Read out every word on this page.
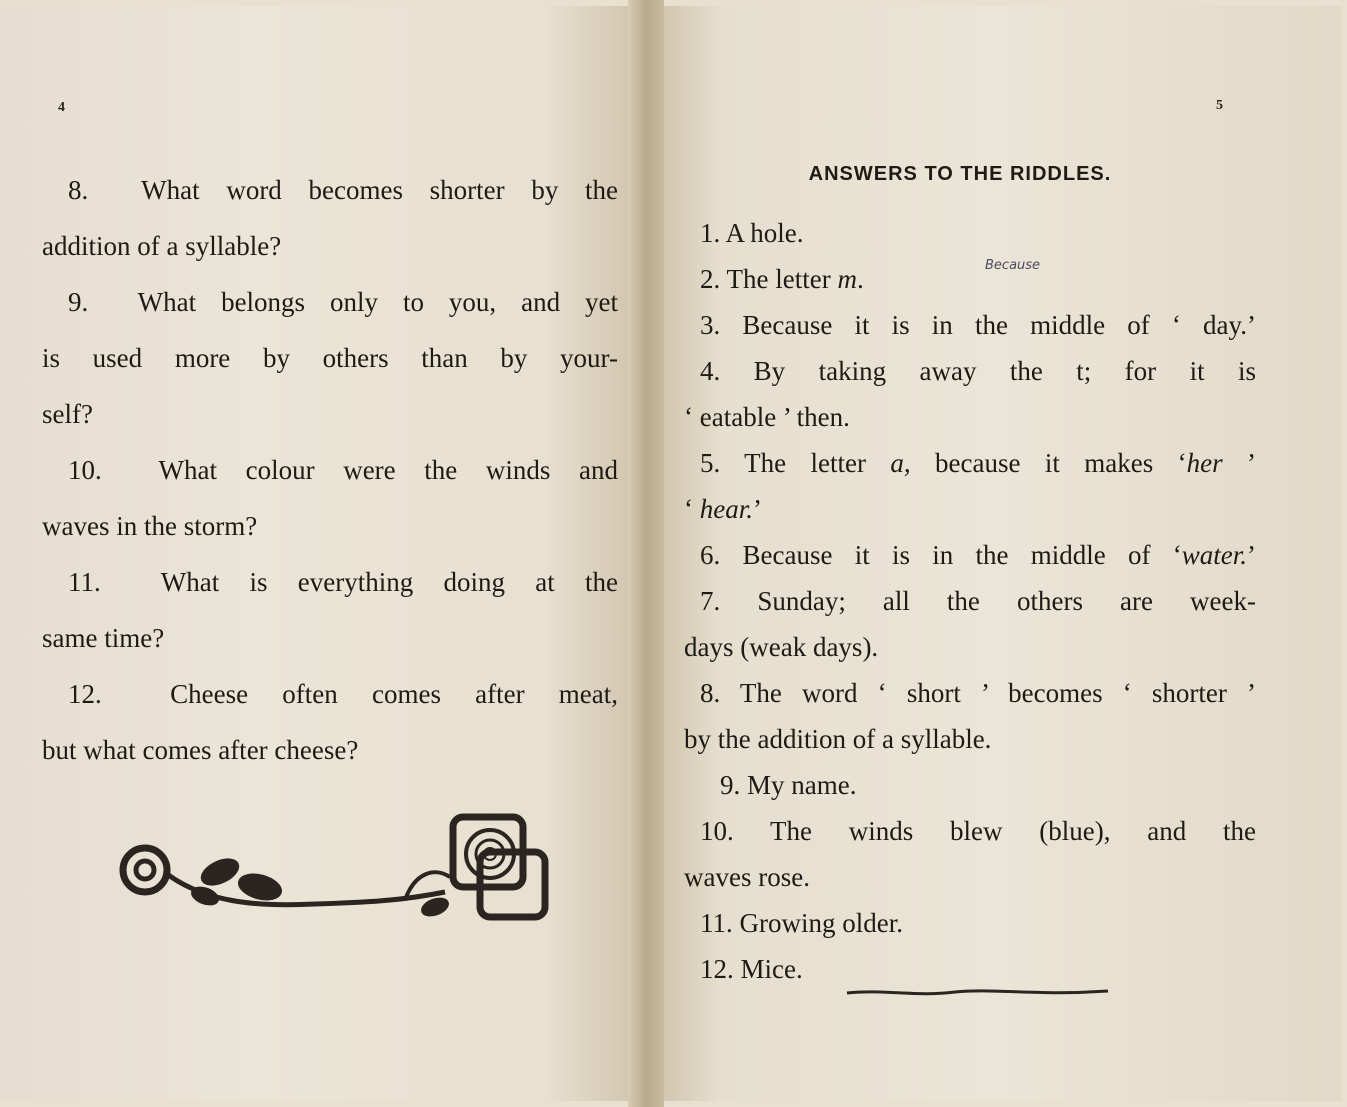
4
8. What word becomes shorter by the
addition of a syllable?
9. What belongs only to you, and yet
is used more by others than by your-
self?
10. What colour were the winds and
waves in the storm?
11. What is everything doing at the
same time?
12.	Cheese often comes after meat,
but what comes after cheese?
5
ANSWERS TO THE RIDDLES.
Because
1. A hole.
2. The letter m.
3. Because it is in the middle of ‘ day.’
4. By taking away the t; for it is
‘ eatable ’ then.
5. The letter a, because it makes ‘her ’
‘ hear.’
6. Because it is in the middle of ‘water.’
7. Sunday; all the others are week-
days (weak days).
8. The word ‘ short ’ becomes ‘ shorter ’
by the addition of a syllable.
9. My name.
10. The winds blew (blue), and the
waves rose.
11. Growing older.
12. Mice.
